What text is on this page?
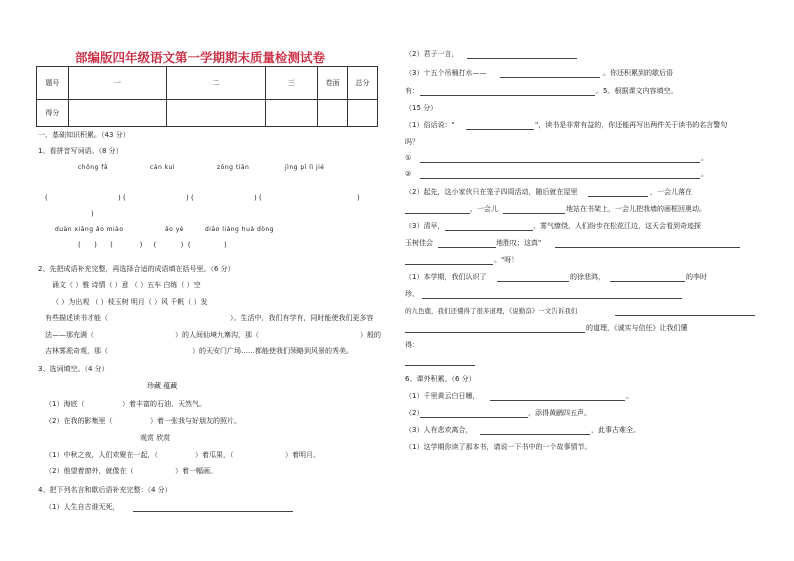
部编版四年级语文第一学期期末质量检测试卷
题号	一	二	三	卷面	总分
得分					
一、基础知识积累。（43 分）
1、看拼音写词语。（8 分）
chōng fǎ	cán kuì	zōng tiān	jìng pì lì jié
(	) (	) (	) (	)
)
duàn xiǎng ǎo miào	ǎo yè	diāo liáng huà dòng
(      )      (            )     (           )  (               )
2、先把成语补充完整，再选择合适的成语填在括号里。（6 分）
诵文（ ）雅 诗情（ ）意 （ ）五车 白练（ ）空
（ ）为出观 （ ）枝玉树 明月（ ）风 千帆（ ）发
有些描述读书才能（	）。生活中，我们有学有，同时能使我们更多容
法——那充满（	）的人间仙境九寨沟，那（	）般的
吉林雾凇奇观，那（	）的天安门广场……都能使我们领略到风景的秀美。
3、选词填空。（4 分）
珍藏 蕴藏
（1）海底（	）着丰富的石油、天然气。
（2）在我的影集里（	）着一张我与好朋友的照片。
观赏 欣赏
（1）中秋之夜，人们欢聚在一起，（	）着瓜果，（	）着明月。
（2）他望着窗外，就像在（	）着一幅画。
4、把下列名言和歇后语补充完整：（4 分）
（1）人生自古谁无死，
（2）君子一言，
（3）十五个吊桶打水——	。你还积累到的歇后语
有：	。5、根据课文内容填空。
（15 分）
（1）俗话说："	"，读书是非常有益的，你还能再写出两件关于读书的名言警句
吗？
①	。
②	。
（2）起先，这小家伙只在笼子四周活动，随后就在屋里	，一会儿落在
，一会儿	地站在书架上，一会儿把我墙的画框回奥动。
（3）清早，	，雾气缭绕，人们纷步在松花江边，这天会看到奇迹探
玉树佳会	地胜叹；这真"
。"呀！
（1）本学期，我们认识了	的徐悲鸿，	的李时
珍、
的九色鹿，我们还懂得了很多道理，《说勤奋》一文告诉我们
的道理，《诚实与信任》让我们懂
得：
6、课外积累。（6 分）
（1）千里黄云白日曛，	。
（2）	，添得黄鹂四五声。
（3）人有悲欢离合，	，此事古难全。
（1）这学期你读了那本书，请说一下书中的一个故事情节。
